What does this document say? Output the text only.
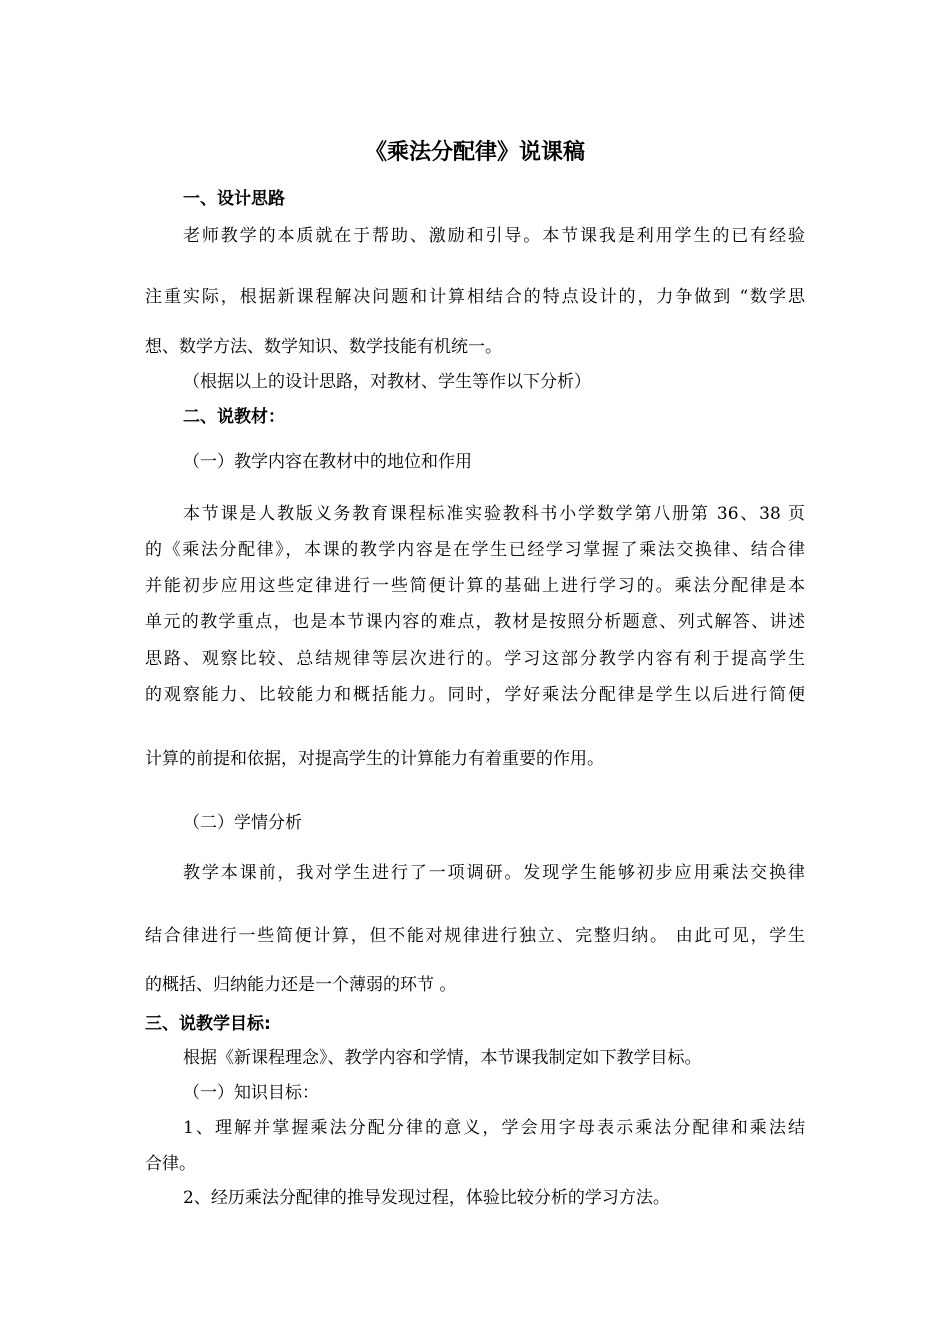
《乘法分配律》说课稿
一、设计思路
老师教学的本质就在于帮助、激励和引导。本节课我是利用学生的已有经验
注重实际，根据新课程解决问题和计算相结合的特点设计的，力争做到 “数学思
想、数学方法、数学知识、数学技能有机统一。
（根据以上的设计思路，对教材、学生等作以下分析）
二、说教材：
（一）教学内容在教材中的地位和作用
本节课是人教版义务教育课程标准实验教科书小学数学第八册第 36、38 页
的《乘法分配律》，本课的教学内容是在学生已经学习掌握了乘法交换律、结合律
并能初步应用这些定律进行一些简便计算的基础上进行学习的。乘法分配律是本
单元的教学重点，也是本节课内容的难点，教材是按照分析题意、列式解答、讲述
思路、观察比较、总结规律等层次进行的。学习这部分教学内容有利于提高学生
的观察能力、比较能力和概括能力。同时，学好乘法分配律是学生以后进行简便
计算的前提和依据，对提高学生的计算能力有着重要的作用。
（二）学情分析
教学本课前，我对学生进行了一项调研。发现学生能够初步应用乘法交换律
结合律进行一些简便计算，但不能对规律进行独立、完整归纳。 由此可见，学生
的概括、归纳能力还是一个薄弱的环节 。
三、说教学目标:
根据《新课程理念》、教学内容和学情，本节课我制定如下教学目标。
（一）知识目标：
1、理解并掌握乘法分配分律的意义，学会用字母表示乘法分配律和乘法结
合律。
2、经历乘法分配律的推导发现过程，体验比较分析的学习方法。
